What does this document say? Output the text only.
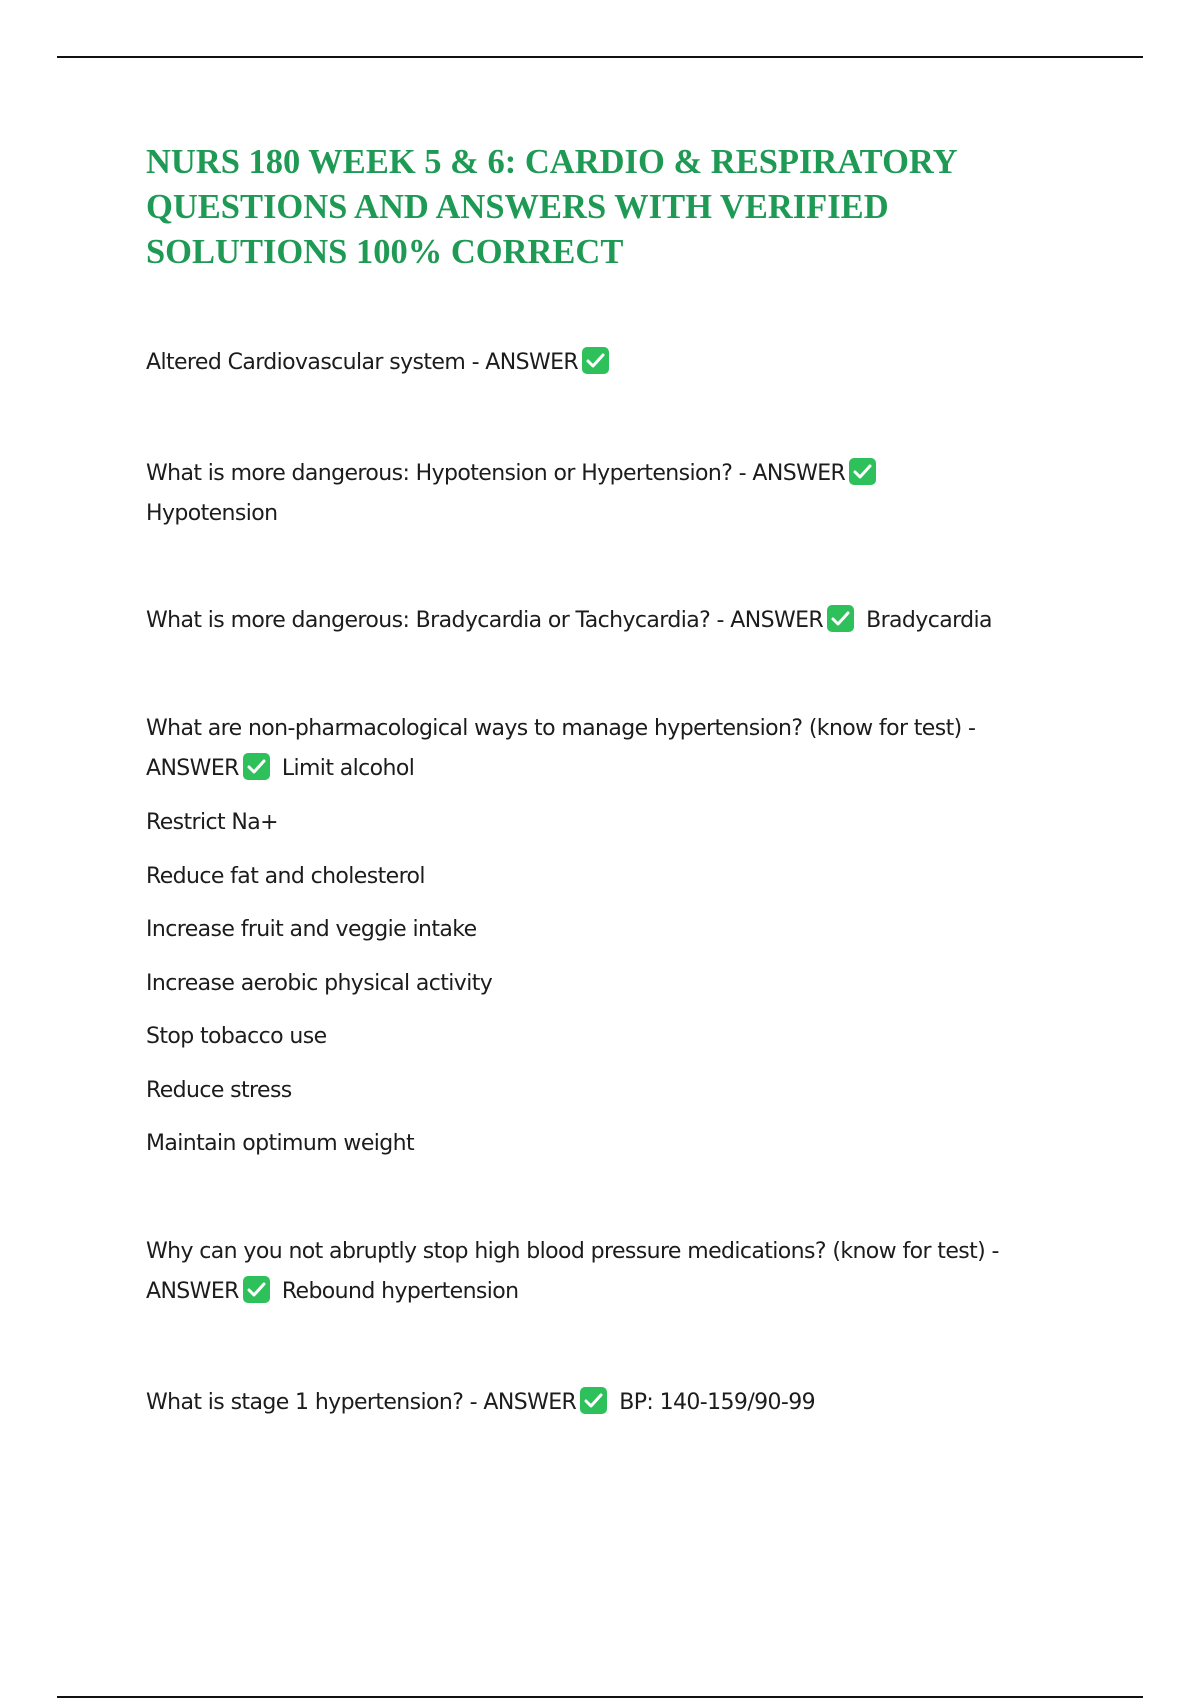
NURS 180 WEEK 5 & 6: CARDIO & RESPIRATORY
QUESTIONS AND ANSWERS WITH VERIFIED
SOLUTIONS 100% CORRECT
Altered Cardiovascular system - ANSWER
What is more dangerous: Hypotension or Hypertension? - ANSWER
Hypotension
What is more dangerous: Bradycardia or Tachycardia? - ANSWER Bradycardia
What are non-pharmacological ways to manage hypertension? (know for test) -
ANSWER Limit alcohol
Restrict Na+
Reduce fat and cholesterol
Increase fruit and veggie intake
Increase aerobic physical activity
Stop tobacco use
Reduce stress
Maintain optimum weight
Why can you not abruptly stop high blood pressure medications? (know for test) -
ANSWER Rebound hypertension
What is stage 1 hypertension? - ANSWER BP: 140-159/90-99
